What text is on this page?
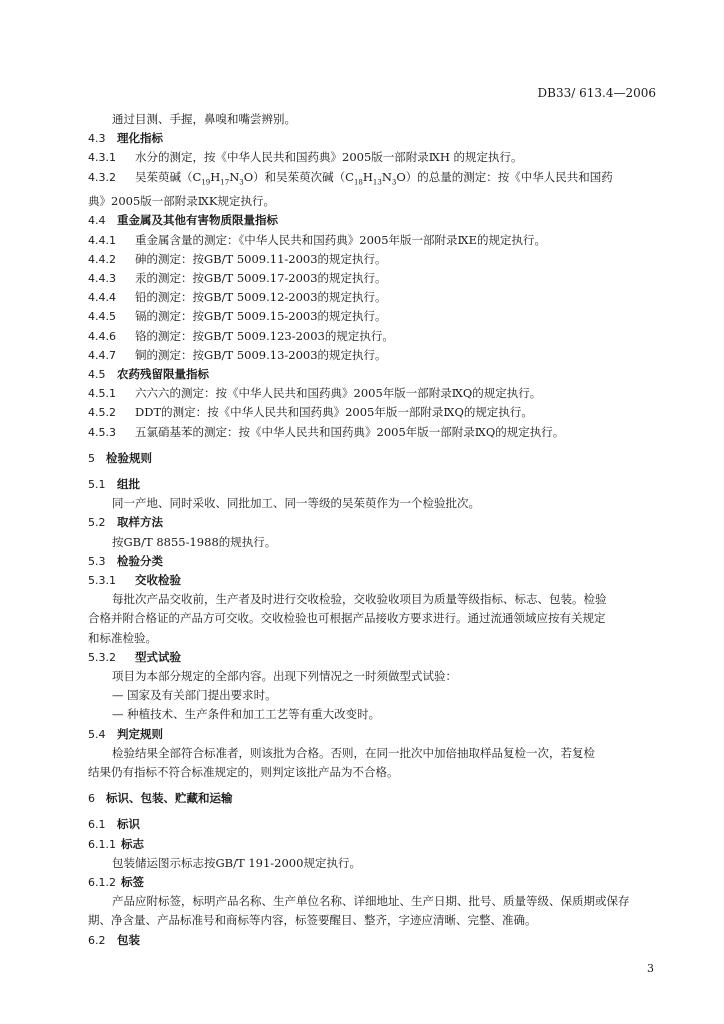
DB33/ 613.4—2006
通过目测、手握，鼻嗅和嘴尝辨别。
4.3 理化指标
4.3.1 水分的测定，按《中华人民共和国药典》2005版一部附录ⅨH 的规定执行。
4.3.2 吴茱萸碱$(C_{19}H_{17}N_3O)$和吴茱萸次碱$(C_{18}H_{13}N_3O)$的总量的测定：按《中华人民共和国药
典》2005版一部附录ⅨK规定执行。
4.4 重金属及其他有害物质限量指标
4.4.1 重金属含量的测定：《中华人民共和国药典》2005年版一部附录ⅨE的规定执行。
4.4.2 砷的测定：按GB/T 5009.11-2003的规定执行。
4.4.3 汞的测定：按GB/T 5009.17-2003的规定执行。
4.4.4 铅的测定：按GB/T 5009.12-2003的规定执行。
4.4.5 镉的测定：按GB/T 5009.15-2003的规定执行。
4.4.6 铬的测定：按GB/T 5009.123-2003的规定执行。
4.4.7 铜的测定：按GB/T 5009.13-2003的规定执行。
4.5 农药残留限量指标
4.5.1 六六六的测定：按《中华人民共和国药典》2005年版一部附录ⅨQ的规定执行。
4.5.2 DDT的测定：按《中华人民共和国药典》2005年版一部附录ⅨQ的规定执行。
4.5.3 五氯硝基苯的测定：按《中华人民共和国药典》2005年版一部附录ⅨQ的规定执行。
5 检验规则
5.1 组批
同一产地、同时采收、同批加工、同一等级的吴茱萸作为一个检验批次。
5.2 取样方法
按GB/T 8855-1988的规执行。
5.3 检验分类
5.3.1 交收检验
每批次产品交收前，生产者及时进行交收检验，交收验收项目为质量等级指标、标志、包装。检验
合格并附合格证的产品方可交收。交收检验也可根据产品接收方要求进行。通过流通领域应按有关规定
和标准检验。
5.3.2 型式试验
项目为本部分规定的全部内容。出现下列情况之一时须做型式试验：
— 国家及有关部门提出要求时。
— 种植技术、生产条件和加工工艺等有重大改变时。
5.4 判定规则
检验结果全部符合标准者，则该批为合格。否则，在同一批次中加倍抽取样品复检一次，若复检
结果仍有指标不符合标准规定的，则判定该批产品为不合格。
6 标识、包装、贮藏和运输
6.1 标识
6.1.1 标志
包装储运图示标志按GB/T 191-2000规定执行。
6.1.2 标签
产品应附标签，标明产品名称、生产单位名称、详细地址、生产日期、批号、质量等级、保质期或保存
期、净含量、产品标准号和商标等内容，标签要醒目、整齐，字迹应清晰、完整、准确。
6.2 包装
3
